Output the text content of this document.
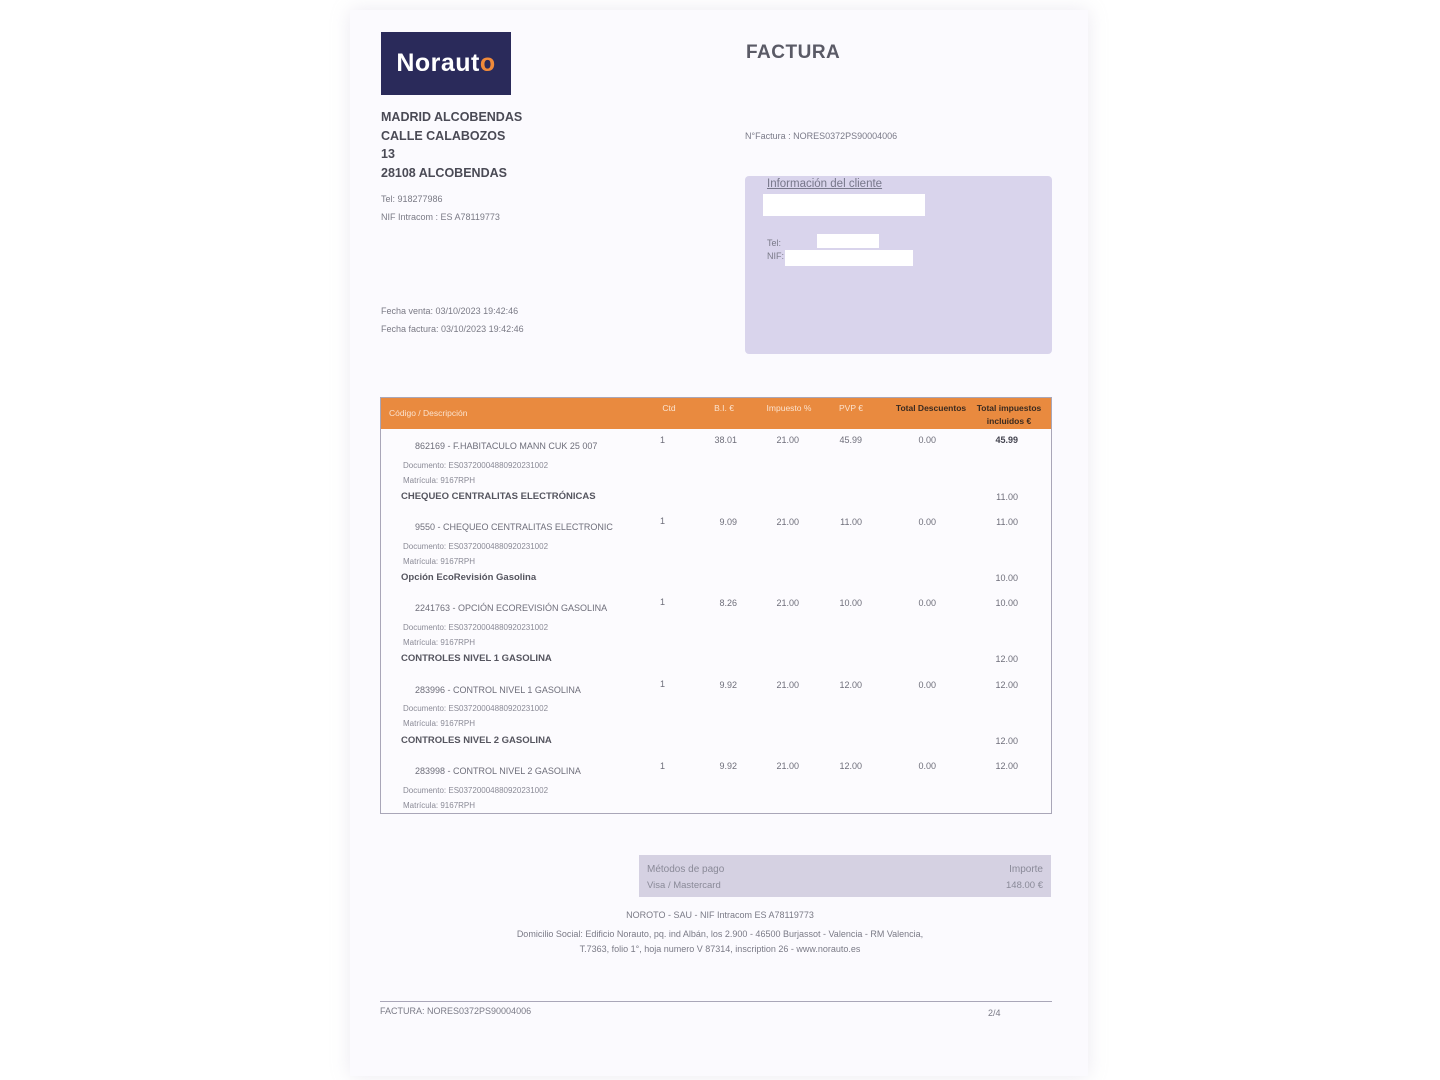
Norauto	FACTURA
MADRID ALCOBENDAS
CALLE CALABOZOS
13
28108 ALCOBENDAS
Tel: 918277986
NIF Intracom : ES A78119773
N°Factura : NORES0372PS90004006
Información del cliente
Tel:
NIF:
Fecha venta: 03/10/2023 19:42:46
Fecha factura: 03/10/2023 19:42:46
Código / Descripción	Ctd	B.I. €	Impuesto %	PVP €	Total Descuentos	Total impuestos incluidos €
862169 - F.HABITACULO MANN CUK 25 007
1	38.01	21.00	45.99	0.00	45.99
Documento: ES03720004880920231002
Matrícula: 9167RPH
CHEQUEO CENTRALITAS ELECTRÓNICAS	11.00
9550 - CHEQUEO CENTRALITAS ELECTRONIC
1	9.09	21.00	11.00	0.00	11.00
Documento: ES03720004880920231002
Matrícula: 9167RPH
Opción EcoRevisión Gasolina	10.00
2241763 - OPCIÓN ECOREVISIÓN GASOLINA
1	8.26	21.00	10.00	0.00	10.00
Documento: ES03720004880920231002
Matrícula: 9167RPH
CONTROLES NIVEL 1 GASOLINA	12.00
283996 - CONTROL NIVEL 1 GASOLINA
1	9.92	21.00	12.00	0.00	12.00
Documento: ES03720004880920231002
Matrícula: 9167RPH
CONTROLES NIVEL 2 GASOLINA	12.00
283998 - CONTROL NIVEL 2 GASOLINA	1	9.92	21.00	12.00	0.00	12.00
Documento: ES03720004880920231002
Matrícula: 9167RPH
Métodos de pago	Importe
Visa / Mastercard	148.00 €
NOROTO - SAU - NIF Intracom ES A78119773
Domicilio Social: Edificio Norauto, pq. ind Albán, los 2.900 - 46500 Burjassot - Valencia - RM Valencia,
T.7363, folio 1°, hoja numero V 87314, inscription 26 - www.norauto.es
FACTURA: NORES0372PS90004006	2/4
